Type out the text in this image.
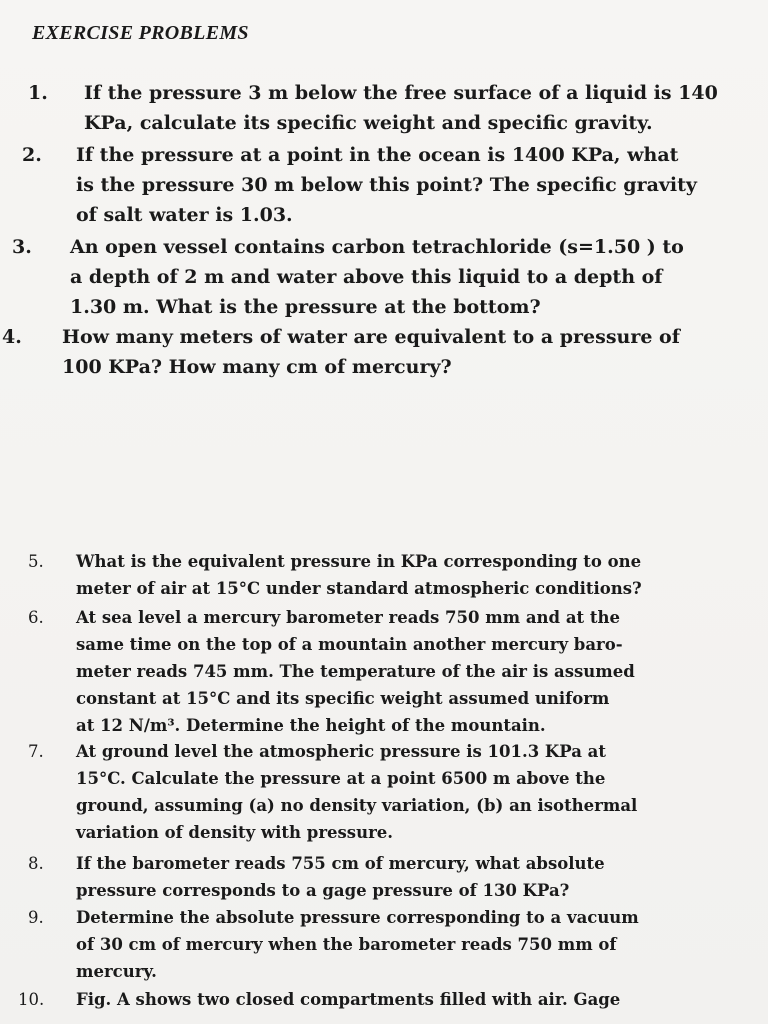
EXERCISE PROBLEMS
1.	If the pressure 3 m below the free surface of a liquid is 140
KPa, calculate its specific weight and specific gravity.
2.	If the pressure at a point in the ocean is 1400 KPa, what
is the pressure 30 m below this point? The specific gravity
of salt water is 1.03.
3.	An open vessel contains carbon tetrachloride (s=1.50 ) to
a depth of 2 m and water above this liquid to a depth of
1.30 m. What is the pressure at the bottom?
4.	How many meters of water are equivalent to a pressure of
100 KPa? How many cm of mercury?
5.	What is the equivalent pressure in KPa corresponding to one
meter of air at 15°C under standard atmospheric conditions?
6.	At sea level a mercury barometer reads 750 mm and at the
same time on the top of a mountain another mercury baro-
meter reads 745 mm. The temperature of the air is assumed
constant at 15°C and its specific weight assumed uniform
at 12 N/m³. Determine the height of the mountain.
7.	At ground level the atmospheric pressure is 101.3 KPa at
15°C. Calculate the pressure at a point 6500 m above the
ground, assuming (a) no density variation, (b) an isothermal
variation of density with pressure.
8.	If the barometer reads 755 cm of mercury, what absolute
pressure corresponds to a gage pressure of 130 KPa?
9.	Determine the absolute pressure corresponding to a vacuum
of 30 cm of mercury when the barometer reads 750 mm of
mercury.
10.	Fig. A shows two closed compartments filled with air. Gage
